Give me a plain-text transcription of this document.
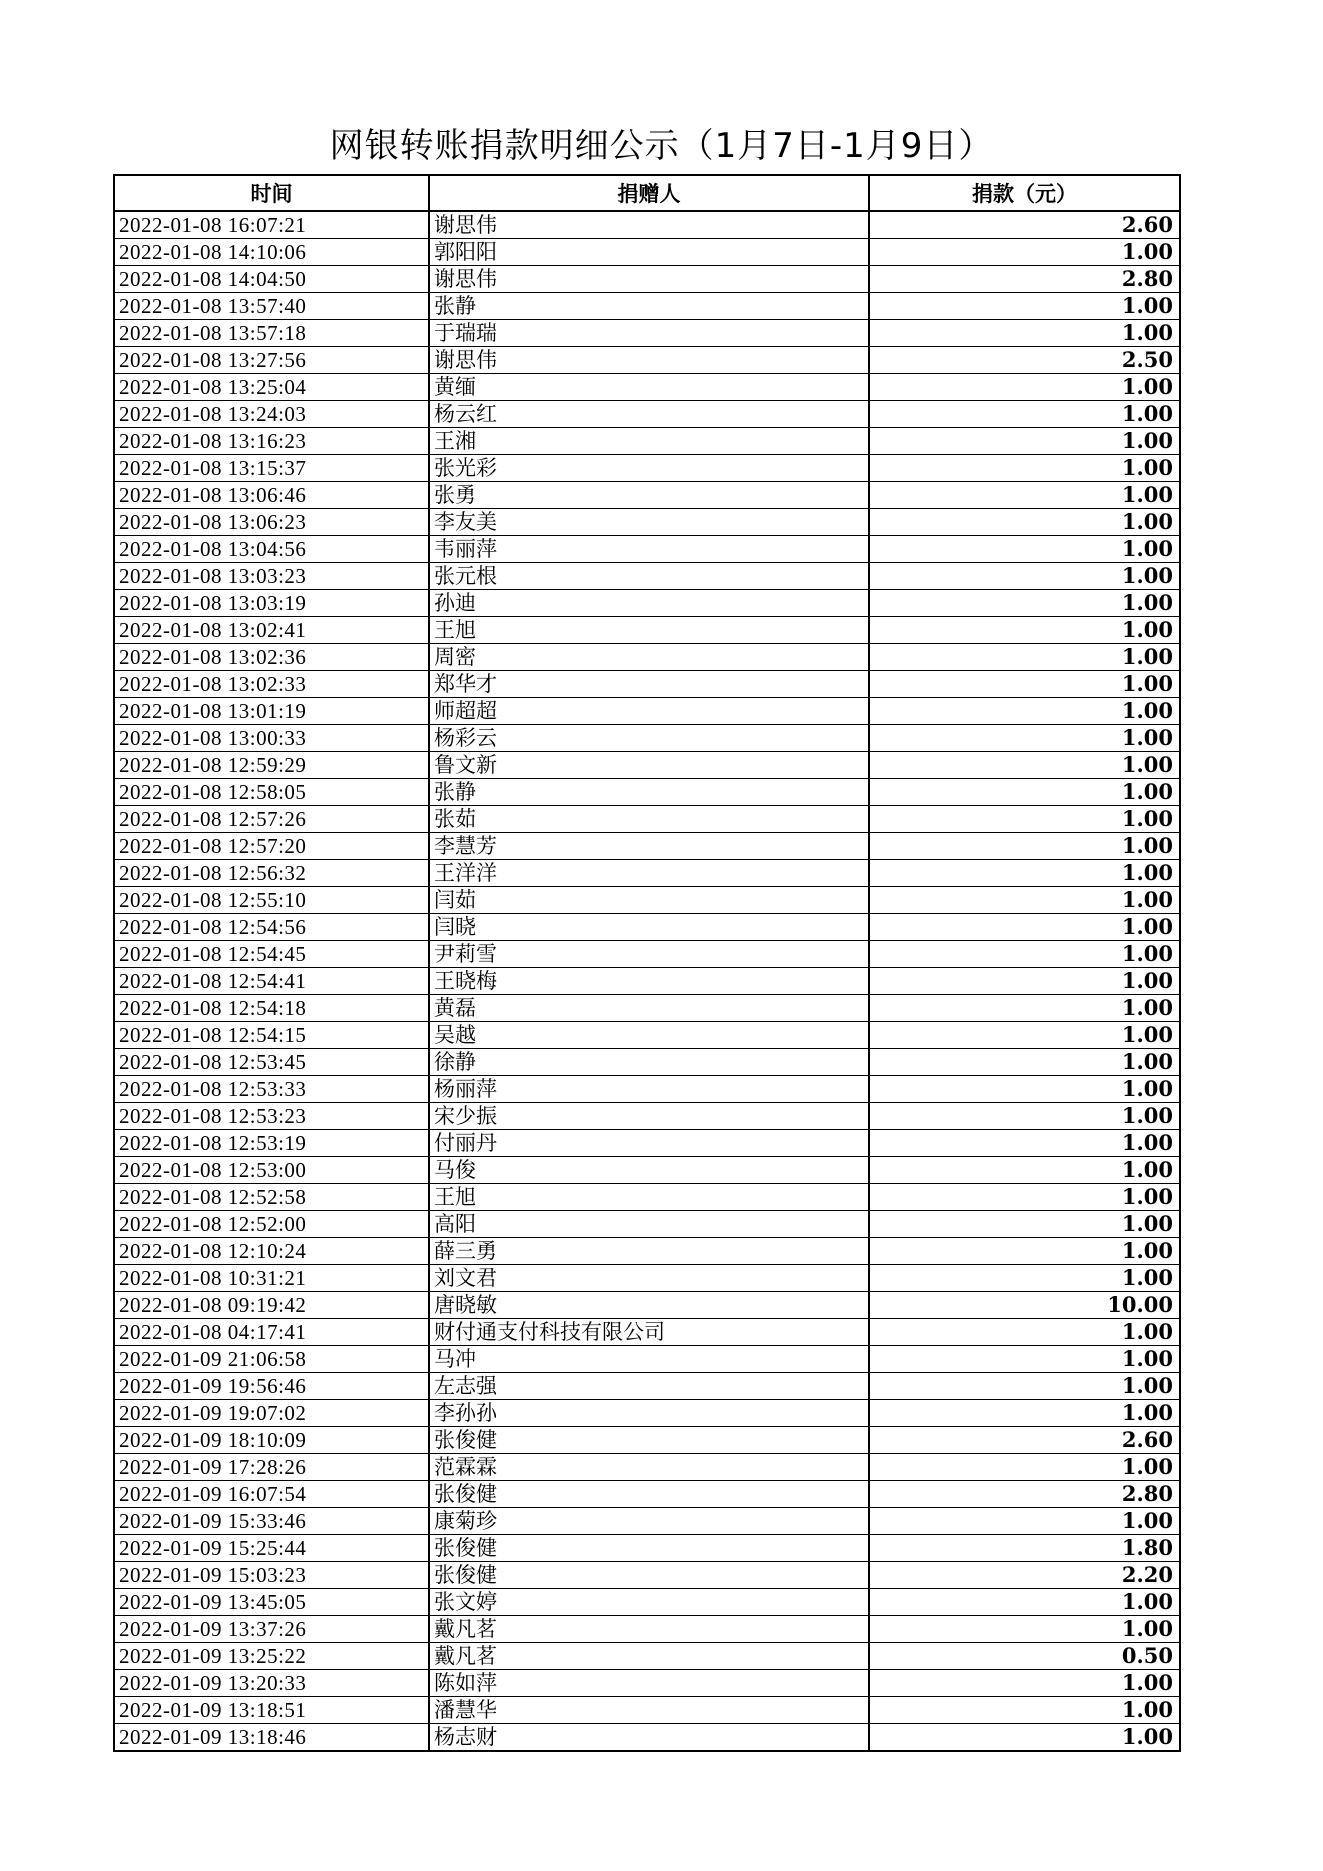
网银转账捐款明细公示（1月7日-1月9日）
时间	捐赠人	捐款（元）
2022-01-08 16:07:21	谢思伟	2.60
2022-01-08 14:10:06	郭阳阳	1.00
2022-01-08 14:04:50	谢思伟	2.80
2022-01-08 13:57:40	张静	1.00
2022-01-08 13:57:18	于瑞瑞	1.00
2022-01-08 13:27:56	谢思伟	2.50
2022-01-08 13:25:04	黄缅	1.00
2022-01-08 13:24:03	杨云红	1.00
2022-01-08 13:16:23	王湘	1.00
2022-01-08 13:15:37	张光彩	1.00
2022-01-08 13:06:46	张勇	1.00
2022-01-08 13:06:23	李友美	1.00
2022-01-08 13:04:56	韦丽萍	1.00
2022-01-08 13:03:23	张元根	1.00
2022-01-08 13:03:19	孙迪	1.00
2022-01-08 13:02:41	王旭	1.00
2022-01-08 13:02:36	周密	1.00
2022-01-08 13:02:33	郑华才	1.00
2022-01-08 13:01:19	师超超	1.00
2022-01-08 13:00:33	杨彩云	1.00
2022-01-08 12:59:29	鲁文新	1.00
2022-01-08 12:58:05	张静	1.00
2022-01-08 12:57:26	张茹	1.00
2022-01-08 12:57:20	李慧芳	1.00
2022-01-08 12:56:32	王洋洋	1.00
2022-01-08 12:55:10	闫茹	1.00
2022-01-08 12:54:56	闫晓	1.00
2022-01-08 12:54:45	尹莉雪	1.00
2022-01-08 12:54:41	王晓梅	1.00
2022-01-08 12:54:18	黄磊	1.00
2022-01-08 12:54:15	吴越	1.00
2022-01-08 12:53:45	徐静	1.00
2022-01-08 12:53:33	杨丽萍	1.00
2022-01-08 12:53:23	宋少振	1.00
2022-01-08 12:53:19	付丽丹	1.00
2022-01-08 12:53:00	马俊	1.00
2022-01-08 12:52:58	王旭	1.00
2022-01-08 12:52:00	高阳	1.00
2022-01-08 12:10:24	薛三勇	1.00
2022-01-08 10:31:21	刘文君	1.00
2022-01-08 09:19:42	唐晓敏	10.00
2022-01-08 04:17:41	财付通支付科技有限公司	1.00
2022-01-09 21:06:58	马冲	1.00
2022-01-09 19:56:46	左志强	1.00
2022-01-09 19:07:02	李孙孙	1.00
2022-01-09 18:10:09	张俊健	2.60
2022-01-09 17:28:26	范霖霖	1.00
2022-01-09 16:07:54	张俊健	2.80
2022-01-09 15:33:46	康菊珍	1.00
2022-01-09 15:25:44	张俊健	1.80
2022-01-09 15:03:23	张俊健	2.20
2022-01-09 13:45:05	张文婷	1.00
2022-01-09 13:37:26	戴凡茗	1.00
2022-01-09 13:25:22	戴凡茗	0.50
2022-01-09 13:20:33	陈如萍	1.00
2022-01-09 13:18:51	潘慧华	1.00
2022-01-09 13:18:46	杨志财	1.00
